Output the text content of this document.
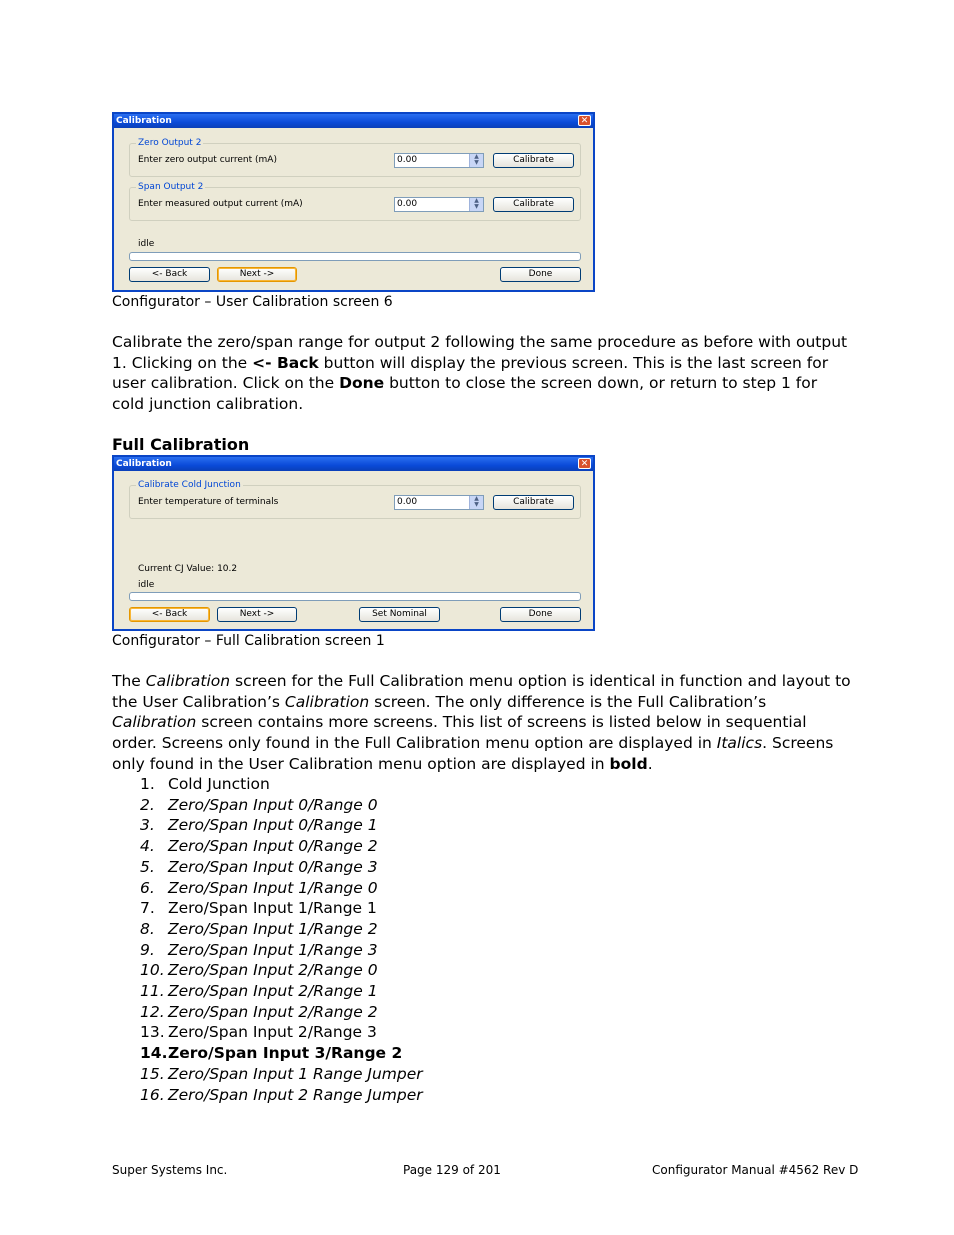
Calibration	✕
Zero Output 2
Enter zero output current (mA)	0.00	▲
▼	Calibrate
Span Output 2
Enter measured output current (mA)	0.00	▲
▼	Calibrate
idle
<- Back	Next ->	Done
Configurator – User Calibration screen 6

Calibrate the zero/span range for output 2 following the same procedure as before with output 1. Clicking on the <- Back button will display the previous screen. This is the last screen for user calibration. Click on the Done button to close the screen down, or return to step 1 for cold junction calibration.

Full Calibration
Calibration	✕
Calibrate Cold Junction
Enter temperature of terminals	0.00	▲
▼	Calibrate
Current CJ Value: 10.2
idle
<- Back	Next ->	Set Nominal	Done
Configurator – Full Calibration screen 1

The Calibration screen for the Full Calibration menu option is identical in function and layout to the User Calibration’s Calibration screen. The only difference is the Full Calibration’s Calibration screen contains more screens. This list of screens is listed below in sequential order. Screens only found in the Full Calibration menu option are displayed in Italics. Screens only found in the User Calibration menu option are displayed in bold.

1. Cold Junction
2. Zero/Span Input 0/Range 0
3. Zero/Span Input 0/Range 1
4. Zero/Span Input 0/Range 2
5. Zero/Span Input 0/Range 3
6. Zero/Span Input 1/Range 0
7. Zero/Span Input 1/Range 1
8. Zero/Span Input 1/Range 2
9. Zero/Span Input 1/Range 3
10. Zero/Span Input 2/Range 0
11. Zero/Span Input 2/Range 1
12. Zero/Span Input 2/Range 2
13. Zero/Span Input 2/Range 3
14.Zero/Span Input 3/Range 2
15. Zero/Span Input 1 Range Jumper
16. Zero/Span Input 2 Range Jumper
Super Systems Inc.	Page 129 of 201	Configurator Manual #4562 Rev D
